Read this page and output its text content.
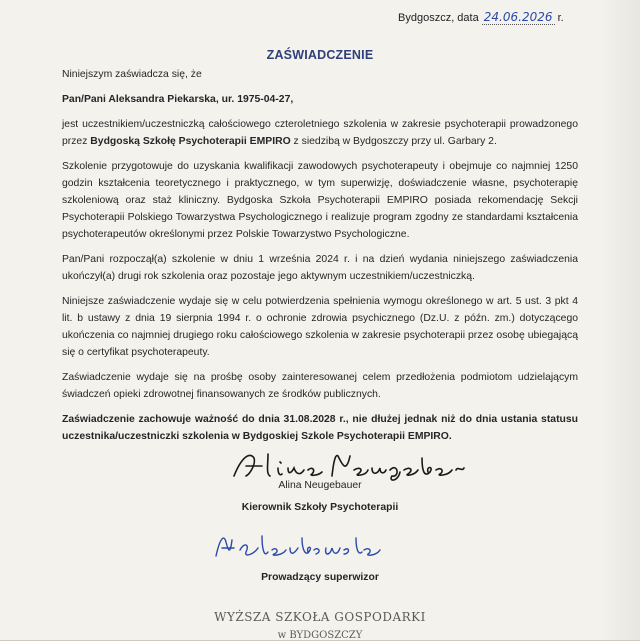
Bydgoszcz, data 24.06.2026 r.
ZAŚWIADCZENIE

Niniejszym zaświadcza się, że

Pan/Pani Aleksandra Piekarska, ur. 1975-04-27,

jest uczestnikiem/uczestniczką całościowego czteroletniego szkolenia w zakresie psychoterapii prowadzonego przez Bydgoską Szkołę Psychoterapii EMPIRO z siedzibą w Bydgoszczy przy ul. Garbary 2.

Szkolenie przygotowuje do uzyskania kwalifikacji zawodowych psychoterapeuty i obejmuje co najmniej 1250 godzin kształcenia teoretycznego i praktycznego, w tym superwizję, doświadczenie własne, psychoterapię szkoleniową oraz staż kliniczny. Bydgoska Szkoła Psychoterapii EMPIRO posiada rekomendację Sekcji Psychoterapii Polskiego Towarzystwa Psychologicznego i realizuje program zgodny ze standardami kształcenia psychoterapeutów określonymi przez Polskie Towarzystwo Psychologiczne.

Pan/Pani rozpoczął(a) szkolenie w dniu 1 września 2024 r. i na dzień wydania niniejszego zaświadczenia ukończył(a) drugi rok szkolenia oraz pozostaje jego aktywnym uczestnikiem/uczestniczką.

Niniejsze zaświadczenie wydaje się w celu potwierdzenia spełnienia wymogu określonego w art. 5 ust. 3 pkt 4 lit. b ustawy z dnia 19 sierpnia 1994 r. o ochronie zdrowia psychicznego (Dz.U. z późn. zm.) dotyczącego ukończenia co najmniej drugiego roku całościowego szkolenia w zakresie psychoterapii przez osobę ubiegającą się o certyfikat psychoterapeuty.

Zaświadczenie wydaje się na prośbę osoby zainteresowanej celem przedłożenia podmiotom udzielającym świadczeń opieki zdrowotnej finansowanych ze środków publicznych.

Zaświadczenie zachowuje ważność do dnia 31.08.2028 r., nie dłużej jednak niż do dnia ustania statusu uczestnika/uczestniczki szkolenia w Bydgoskiej Szkole Psychoterapii EMPIRO.

Alina Neugebauer
Kierownik Szkoły Psychoterapii
Prowadzący superwizor
WYŻSZA SZKOŁA GOSPODARKI
w BYDGOSZCZY
